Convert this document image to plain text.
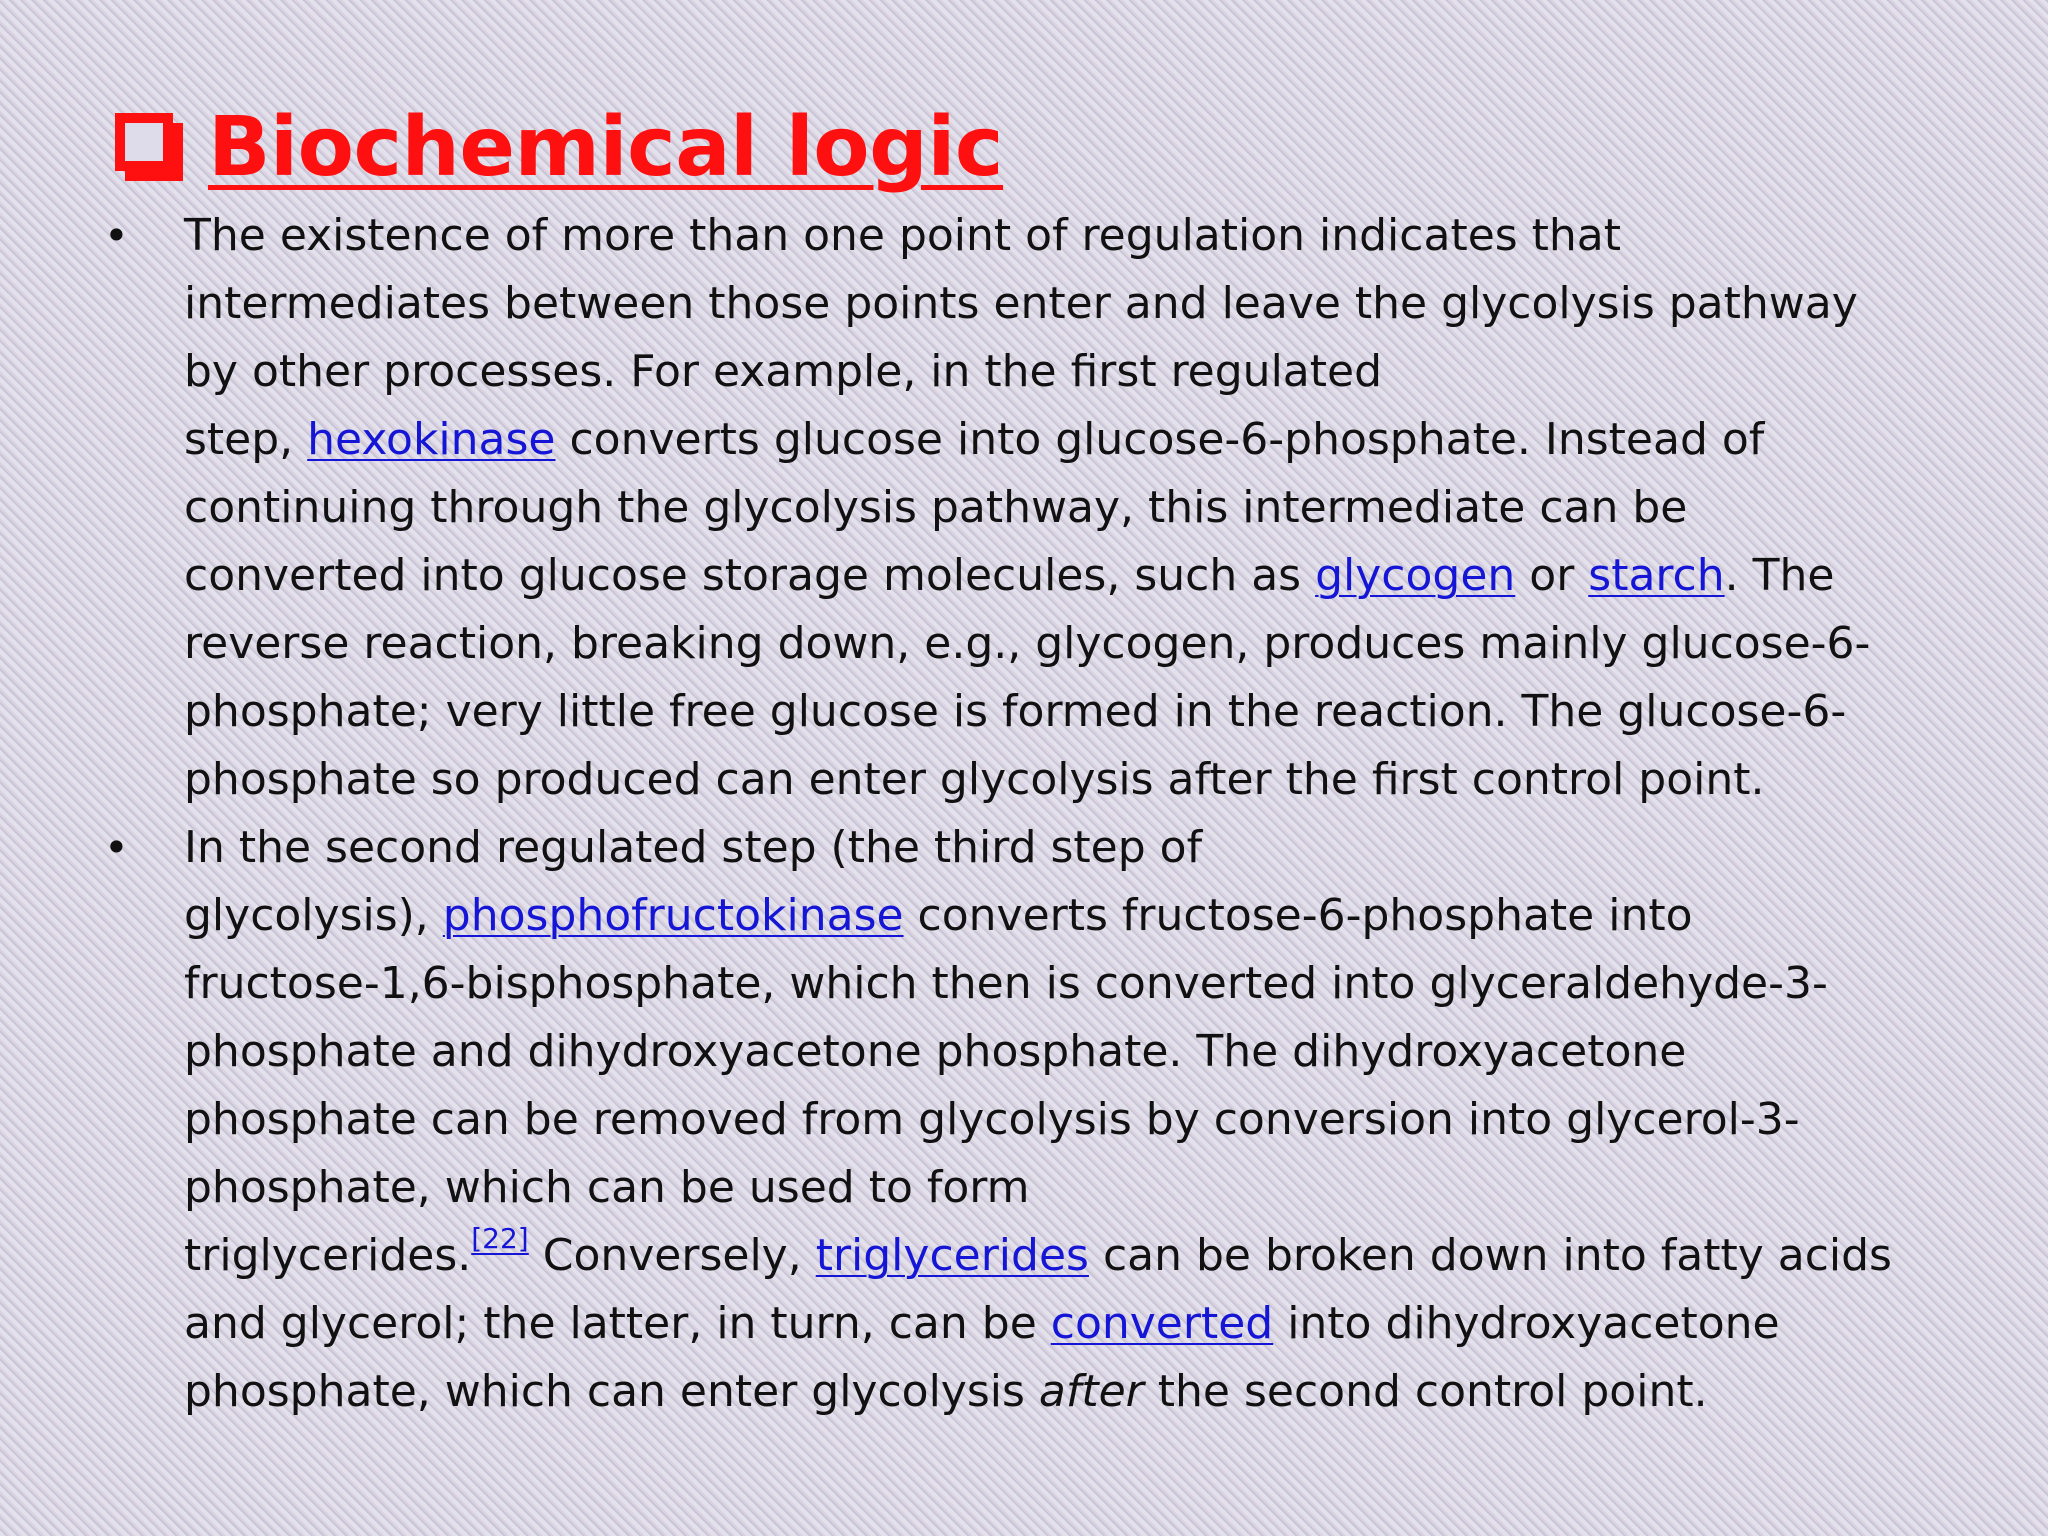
Biochemical logic
• The existence of more than one point of regulation indicates that
intermediates between those points enter and leave the glycolysis pathway
by other processes. For example, in the first regulated
step, hexokinase converts glucose into glucose-6-phosphate. Instead of
continuing through the glycolysis pathway, this intermediate can be
converted into glucose storage molecules, such as glycogen or starch. The
reverse reaction, breaking down, e.g., glycogen, produces mainly glucose-6-
phosphate; very little free glucose is formed in the reaction. The glucose-6-
phosphate so produced can enter glycolysis after the first control point.
• In the second regulated step (the third step of
glycolysis), phosphofructokinase converts fructose-6-phosphate into
fructose-1,6-bisphosphate, which then is converted into glyceraldehyde-3-
phosphate and dihydroxyacetone phosphate. The dihydroxyacetone
phosphate can be removed from glycolysis by conversion into glycerol-3-
phosphate, which can be used to form
triglycerides.[22] Conversely, triglycerides can be broken down into fatty acids
and glycerol; the latter, in turn, can be converted into dihydroxyacetone
phosphate, which can enter glycolysis after the second control point.
